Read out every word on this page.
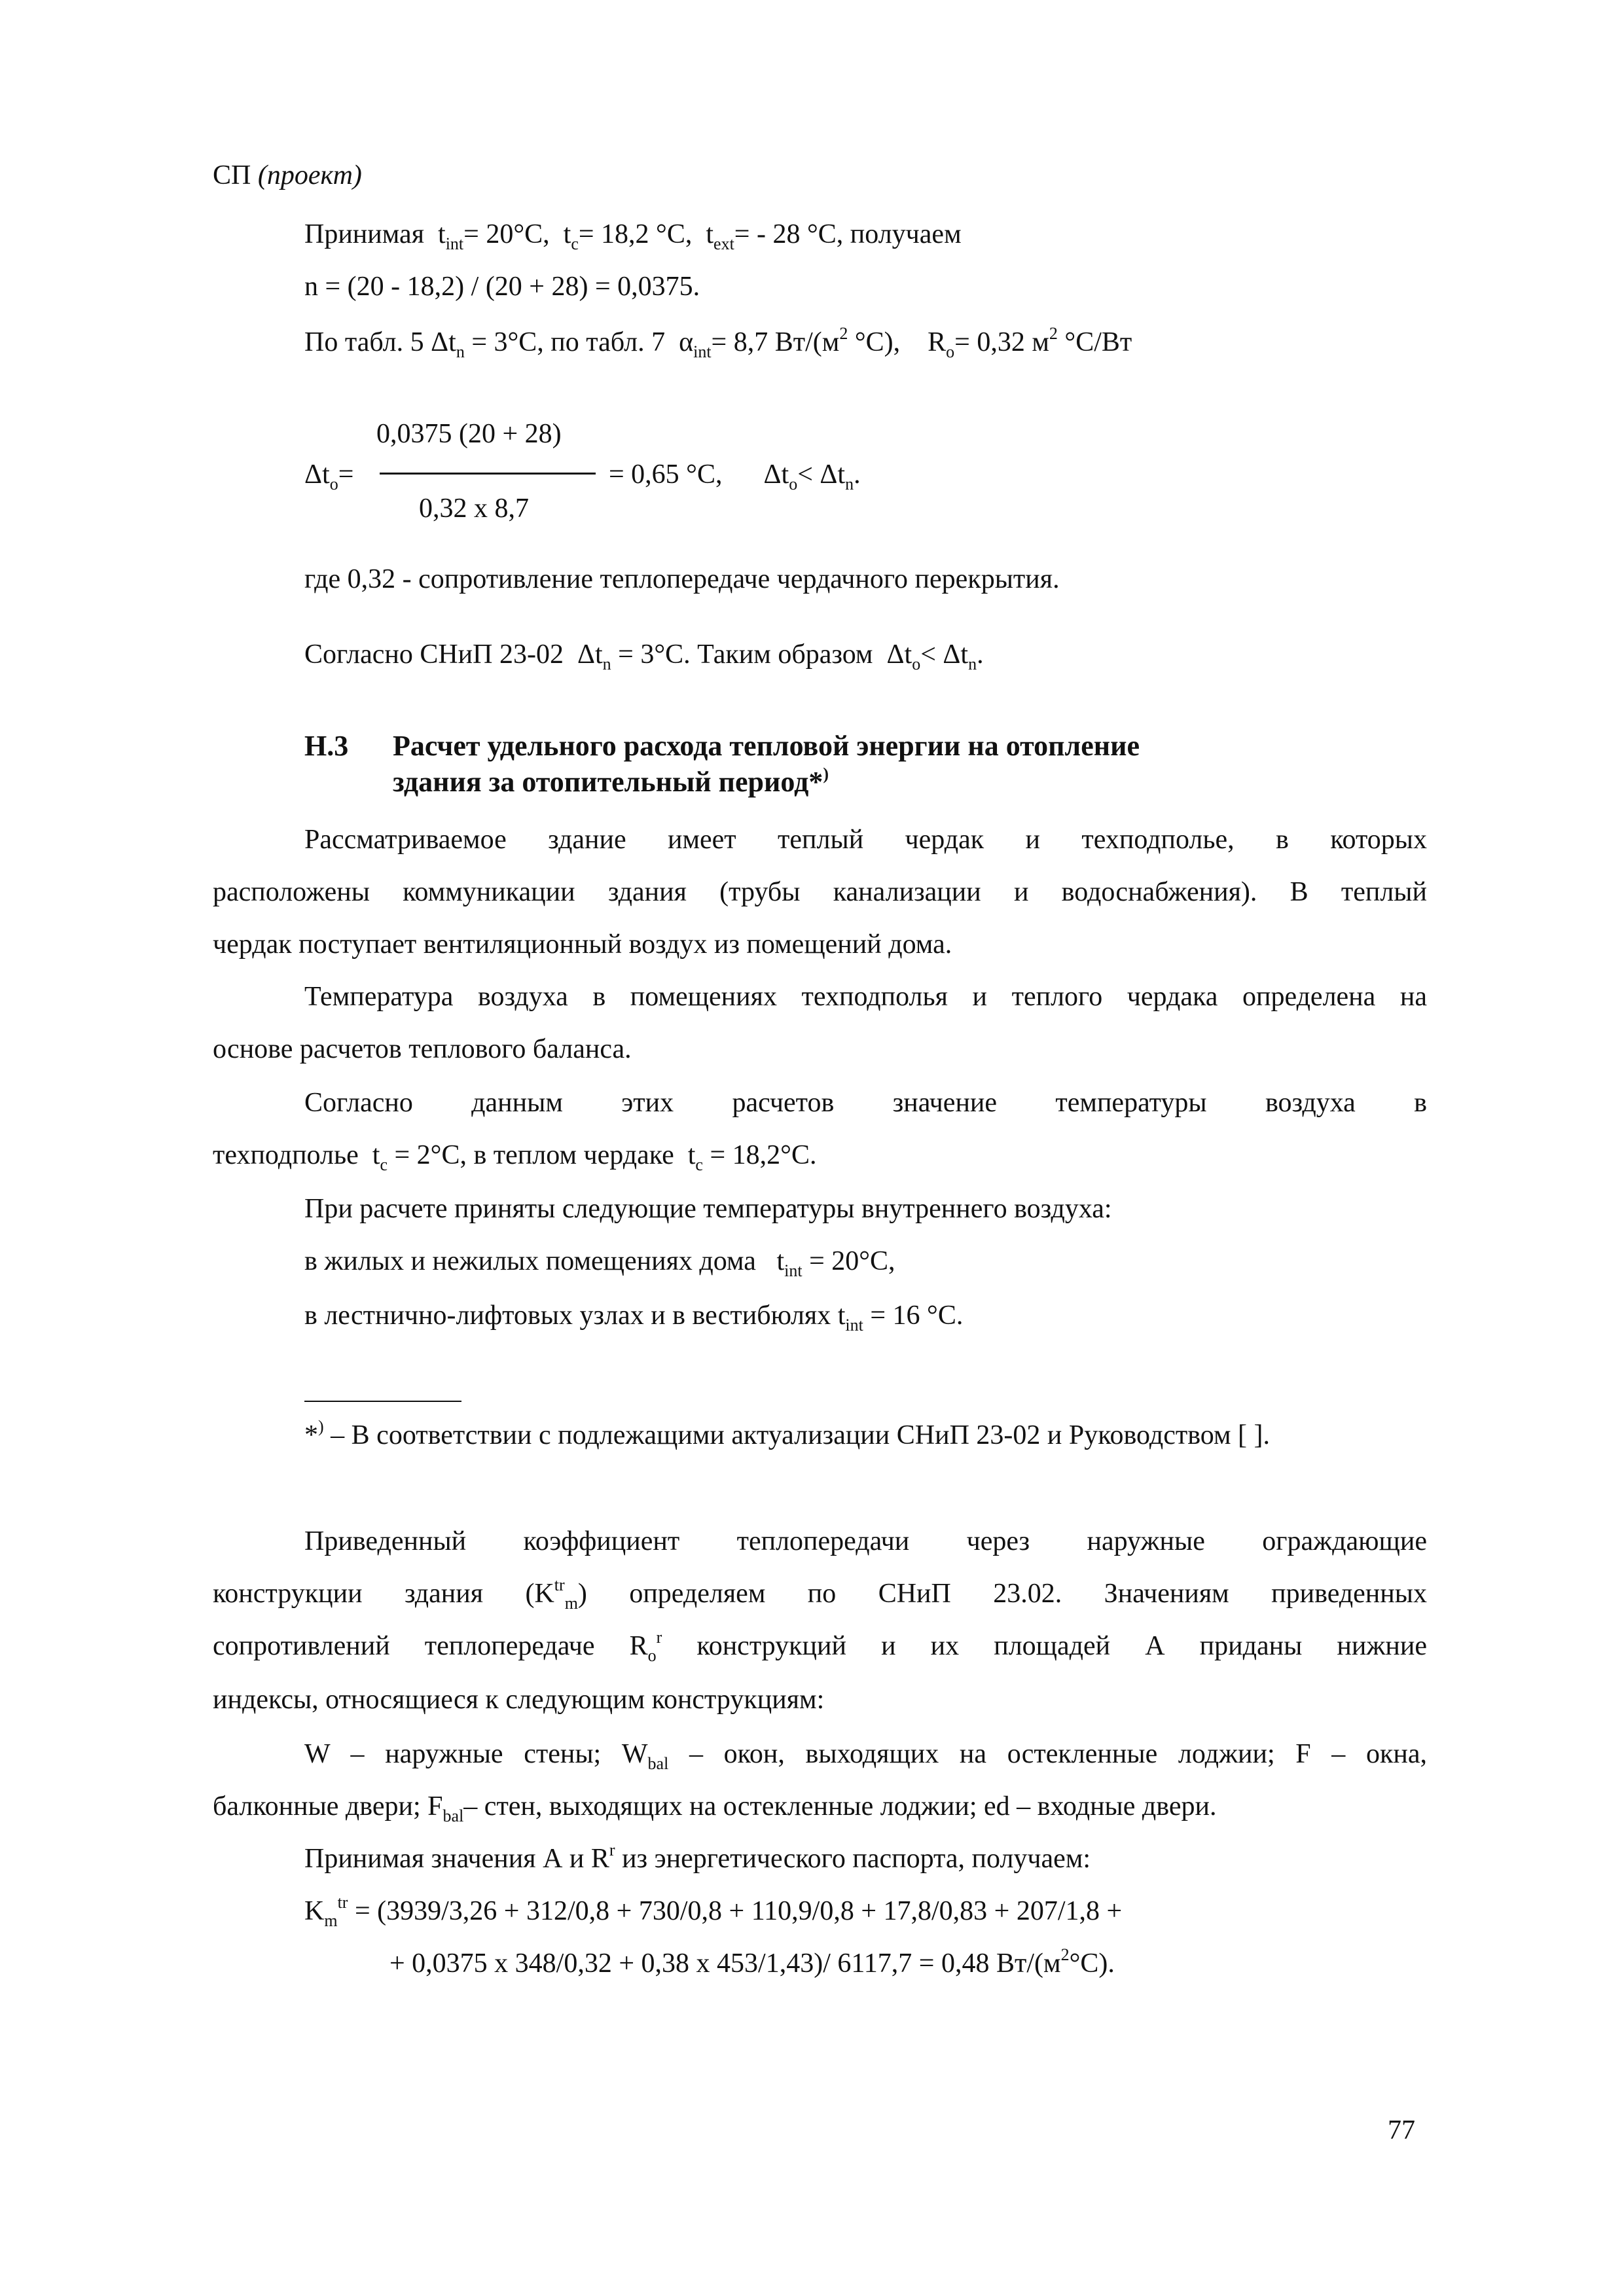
СП (проект)
Принимая $t_{int}= 20^\circ С$, $t_c= 18,2$ °С, $t_{ext}= - 28$ °С, получаем
n = (20 - 18,2) / (20 + 28) = 0,0375.
По табл. 5 $\Delta t_n = 3^\circ С$, по табл. 7 $\alpha_{int}= 8,7$ $Вт/(м^2$ °С), $R_o= 0,32$ $м^2$ °С/Вт
0,0375 (20 + 28)
$\Delta t_o=$	= 0,65 °С, $\Delta t_o< \Delta t_n$.
0,32 х 8,7
где 0,32 - сопротивление теплопередаче чердачного перекрытия.
Согласно СНиП 23-02 $\Delta t_n = 3^\circ С$. Таким образом $\Delta t_o< \Delta t_n$.
Н.3 Расчет удельного расхода тепловой энергии на отопление
здания за отопительный период*)
Рассматриваемое здание имеет теплый чердак и техподполье, в которых
расположены коммуникации здания (трубы канализации и водоснабжения). В теплый
чердак поступает вентиляционный воздух из помещений дома.
Температура воздуха в помещениях техподполья и теплого чердака определена на
основе расчетов теплового баланса.
Согласно данным этих расчетов значение температуры воздуха в
техподполье $t_c = 2^\circ С$, в теплом чердаке $t_c = 18,2^\circ С$.
При расчете приняты следующие температуры внутреннего воздуха:
в жилых и нежилых помещениях дома $t_{int} = 20^\circ С$,
в лестнично-лифтовых узлах и в вестибюлях $t_{int} = 16$ °С.
*) – В соответствии с подлежащими актуализации СНиП 23-02 и Руководством [ ].
Приведенный коэффициент теплопередачи через наружные ограждающие
конструкции здания $(K^{tr}_m)$ определяем по СНиП 23.02. Значениям приведенных
сопротивлений теплопередаче $R_o^r$ конструкций и их площадей А приданы нижние
индексы, относящиеся к следующим конструкциям:
W – наружные стены; $W_{bal}$ – окон, выходящих на остекленные лоджии; F – окна,
балконные двери; $F_{bal}-$ стен, выходящих на остекленные лоджии; ed – входные двери.
Принимая значения А и $R^r$ из энергетического паспорта, получаем:
$K_m^{tr} = (3939/3,26 + 312/0,8 + 730/0,8 + 110,9/0,8 + 17,8/0,83 + 207/1,8$ +
+ 0,0375 х 348/0,32 + 0,38 х 453/1,43)/ 6117,7 = 0,48 $Вт/(м^2^\circ С)$.
77
